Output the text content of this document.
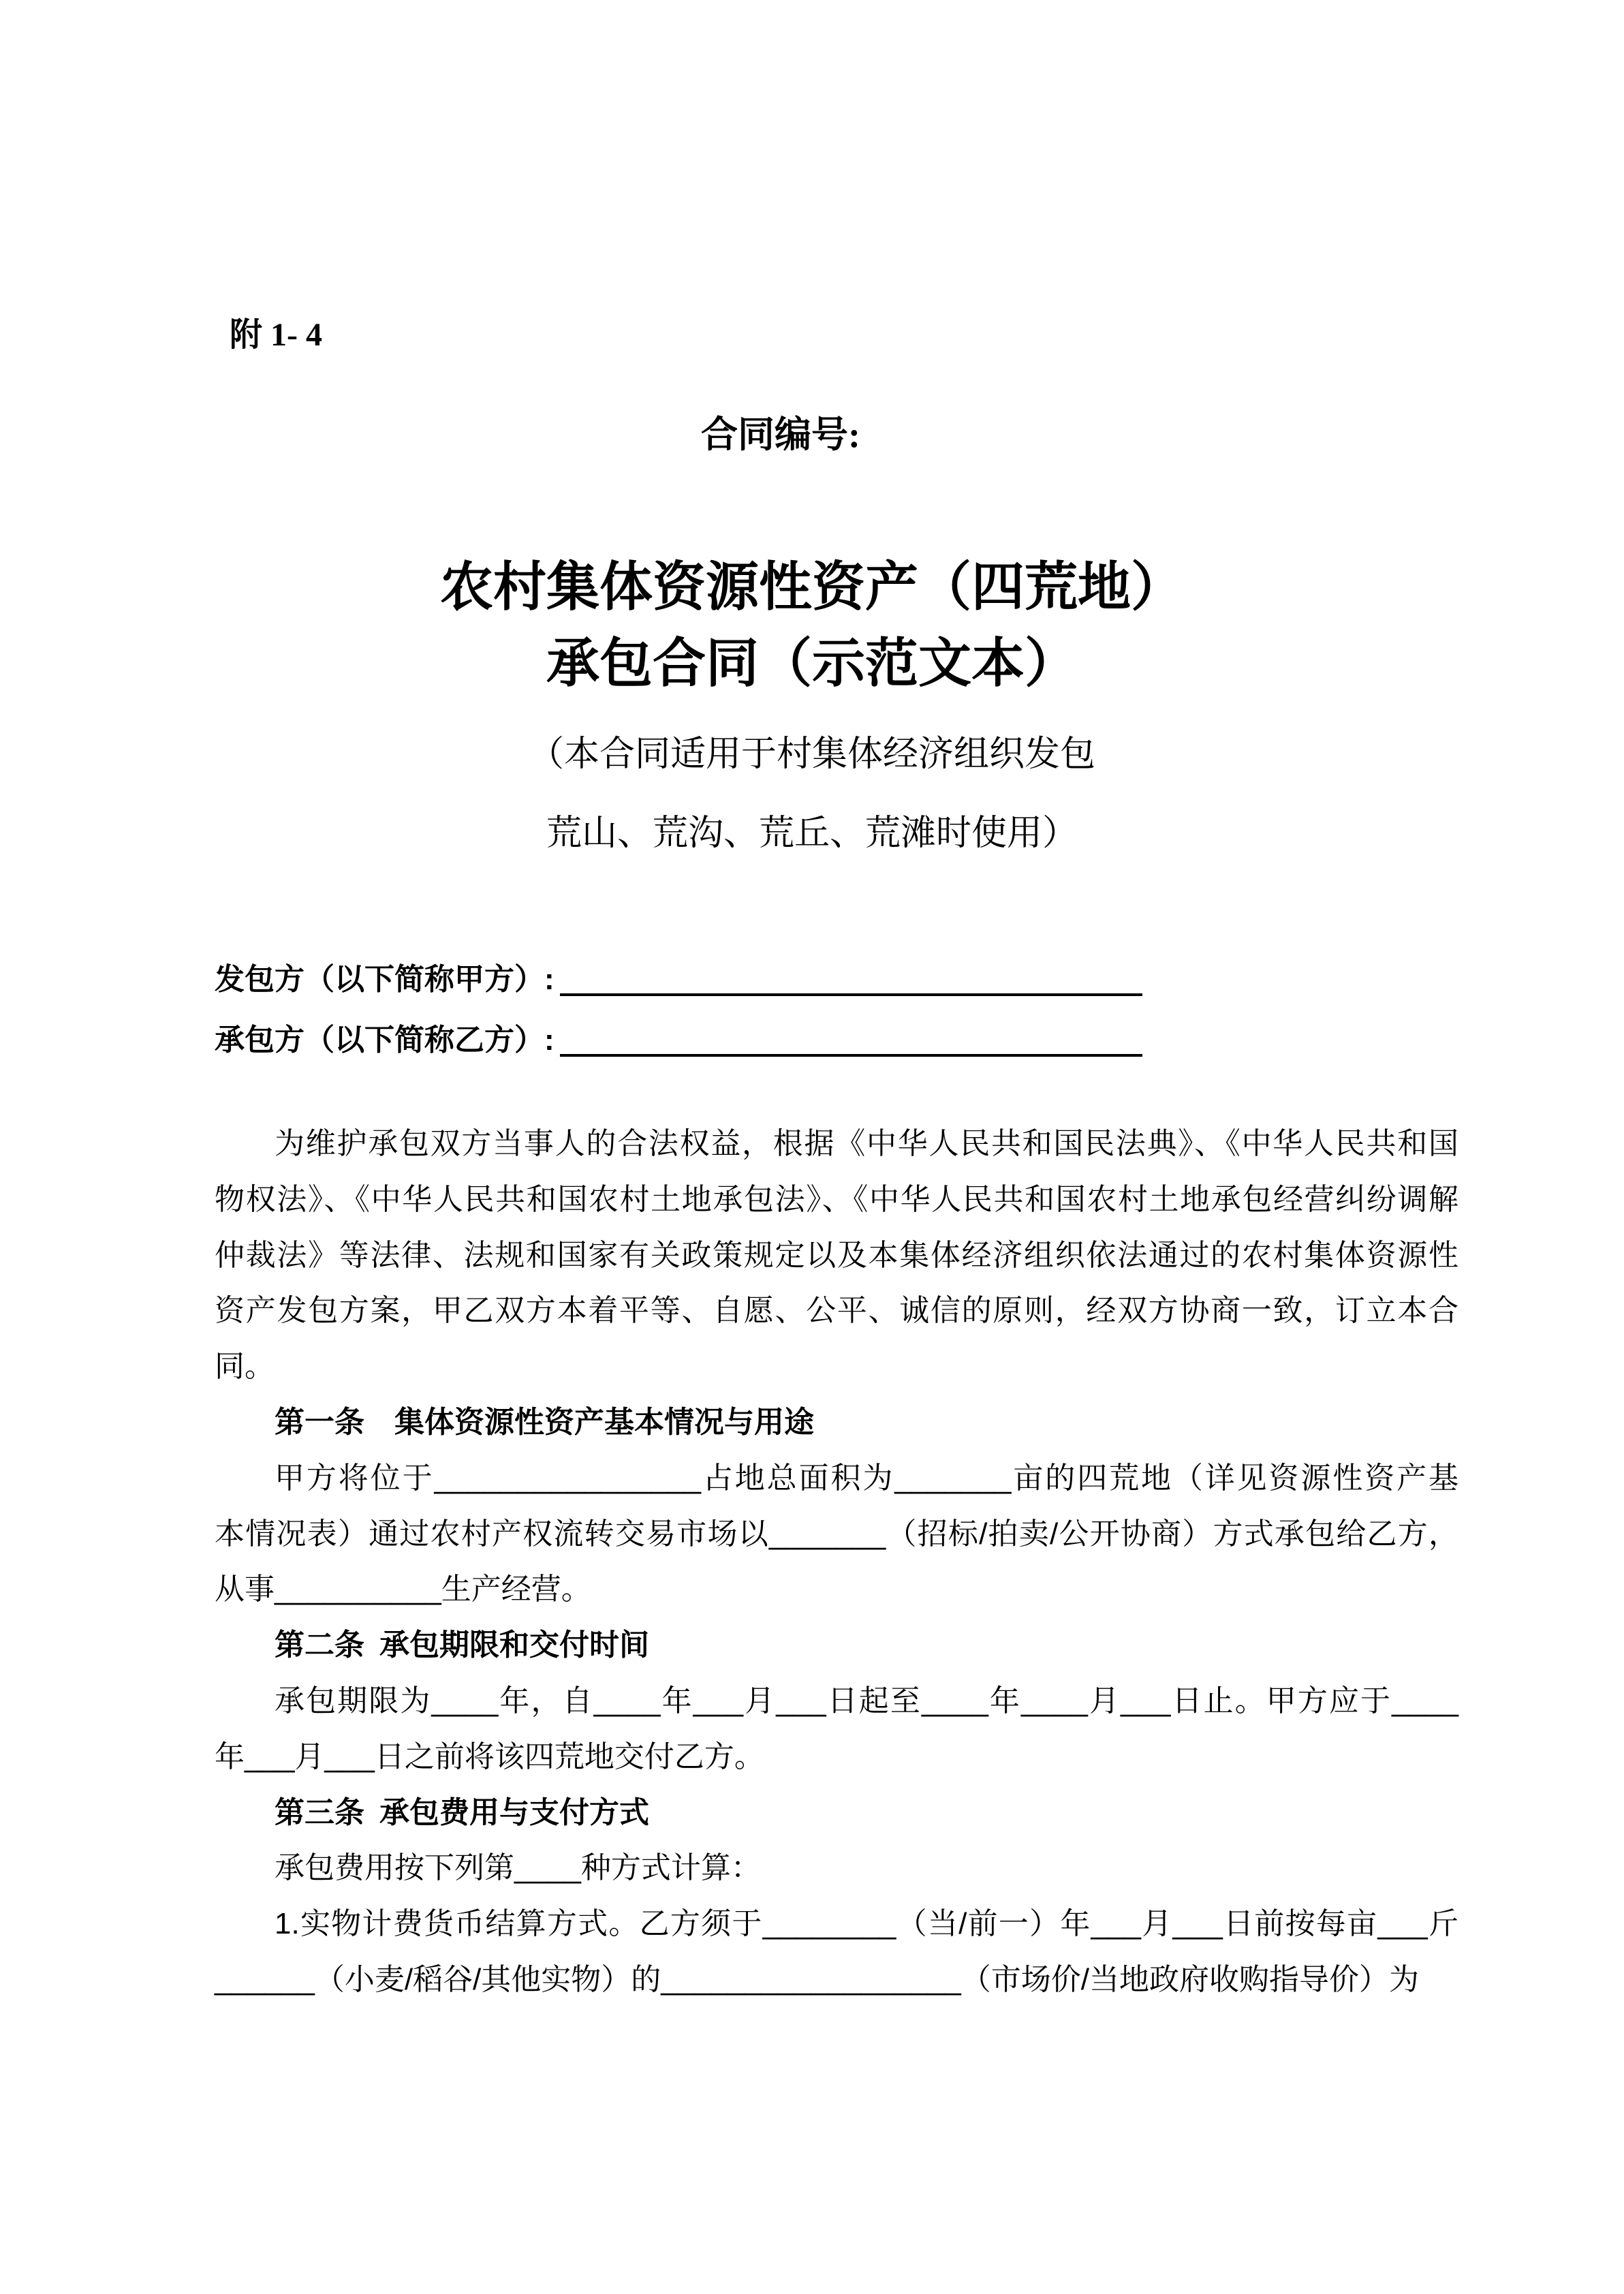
附 1- 4
合同编号:
农村集体资源性资产（四荒地）
承包合同（示范文本）
（本合同适用于村集体经济组织发包
荒山、荒沟、荒丘、荒滩时使用）
发包方（以下简称甲方）:
承包方（以下简称乙方）:
为维护承包双方当事人的合法权益，根据《中华人民共和国民法典》、《中华人民共和国
物权法》、《中华人民共和国农村土地承包法》、《中华人民共和国农村土地承包经营纠纷调解
仲裁法》等法律、法规和国家有关政策规定以及本集体经济组织依法通过的农村集体资源性
资产发包方案，甲乙双方本着平等、自愿、公平、诚信的原则，经双方协商一致，订立本合
同。
第一条　集体资源性资产基本情况与用途
甲方将位于________________占地总面积为_______亩的四荒地（详见资源性资产基
本情况表）通过农村产权流转交易市场以_______（招标/拍卖/公开协商）方式承包给乙方，
从事__________生产经营。
第二条 承包期限和交付时间
承包期限为____年，自____年___月___日起至____年____月___日止。甲方应于____
年___月___日之前将该四荒地交付乙方。
第三条 承包费用与支付方式
承包费用按下列第____种方式计算：
1.实物计费货币结算方式。乙方须于________（当/前一）年___月___日前按每亩___斤
______（小麦/稻谷/其他实物）的__________________（市场价/当地政府收购指导价）为
